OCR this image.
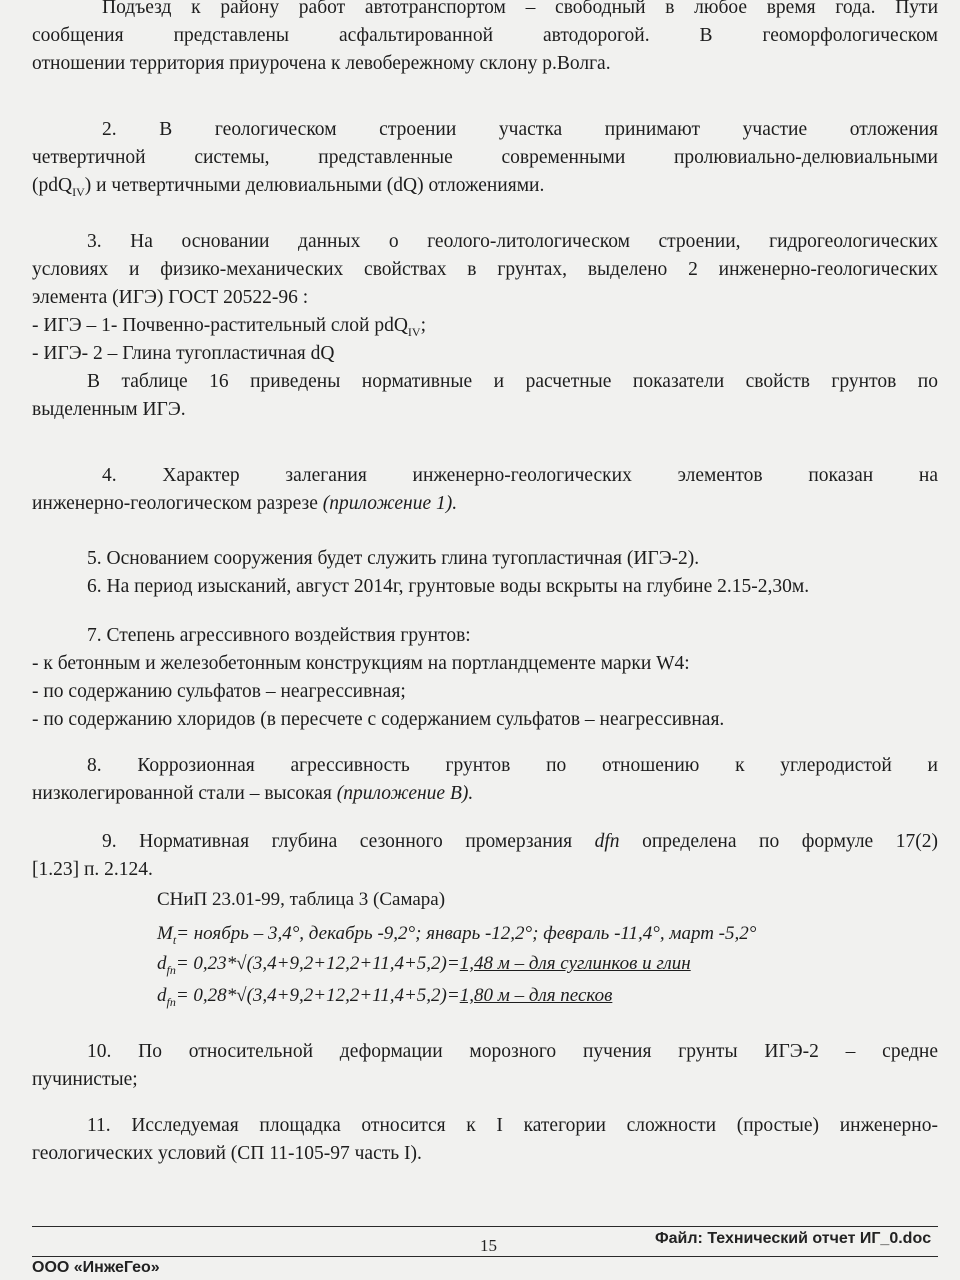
Подъезд к району работ автотранспортом – свободный в любое время года. Пути
сообщения представлены асфальтированной автодорогой. В геоморфологическом
отношении территория приурочена к левобережному склону р.Волга.
2. В геологическом строении участка принимают участие отложения
четвертичной системы, представленные современными пролювиально-делювиальными
(pdQ$_{IV}$) и четвертичными делювиальными (dQ) отложениями.
3. На основании данных о геолого-литологическом строении, гидрогеологических
условиях и физико-механических свойствах в грунтах, выделено 2 инженерно-геологических
элемента (ИГЭ) ГОСТ 20522-96 :
- ИГЭ – 1- Почвенно-растительный слой pdQ$_{IV}$;
- ИГЭ- 2 – Глина тугопластичная dQ
В таблице 16 приведены нормативные и расчетные показатели свойств грунтов по
выделенным ИГЭ.
4. Характер залегания инженерно-геологических элементов показан на
инженерно-геологическом разрезе (приложение 1).
5. Основанием сооружения будет служить глина тугопластичная (ИГЭ-2).
6. На период изысканий, август 2014г, грунтовые воды вскрыты на глубине 2.15-2,30м.
7. Степень агрессивного воздействия грунтов:
- к бетонным и железобетонным конструкциям на портландцементе марки W4:
- по содержанию сульфатов – неагрессивная;
- по содержанию хлоридов (в пересчете с содержанием сульфатов – неагрессивная.
8. Коррозионная агрессивность грунтов по отношению к углеродистой и
низколегированной стали – высокая (приложение В).
9. Нормативная глубина сезонного промерзания dfn определена по формуле 17(2)
[1.23] п. 2.124.
СНиП 23.01-99, таблица 3 (Самара)
$M_t=$ ноябрь – 3,4°, декабрь -9,2°; январь -12,2°; февраль -11,4°, март -5,2°
$d_{fn}= 0,23*√(3,4+9,2+12,2+11,4+5,2)=1,48$ м – для суглинков и глин
$d_{fn}= 0,28*√(3,4+9,2+12,2+11,4+5,2)=1,80$ м – для песков
10. По относительной деформации морозного пучения грунты ИГЭ-2 – средне
пучинистые;
11. Исследуемая площадка относится к I категории сложности (простые) инженерно-
геологических условий (СП 11-105-97 часть I).
15	Файл: Технический отчет ИГ_0.doc
ООО «ИнжеГео»
